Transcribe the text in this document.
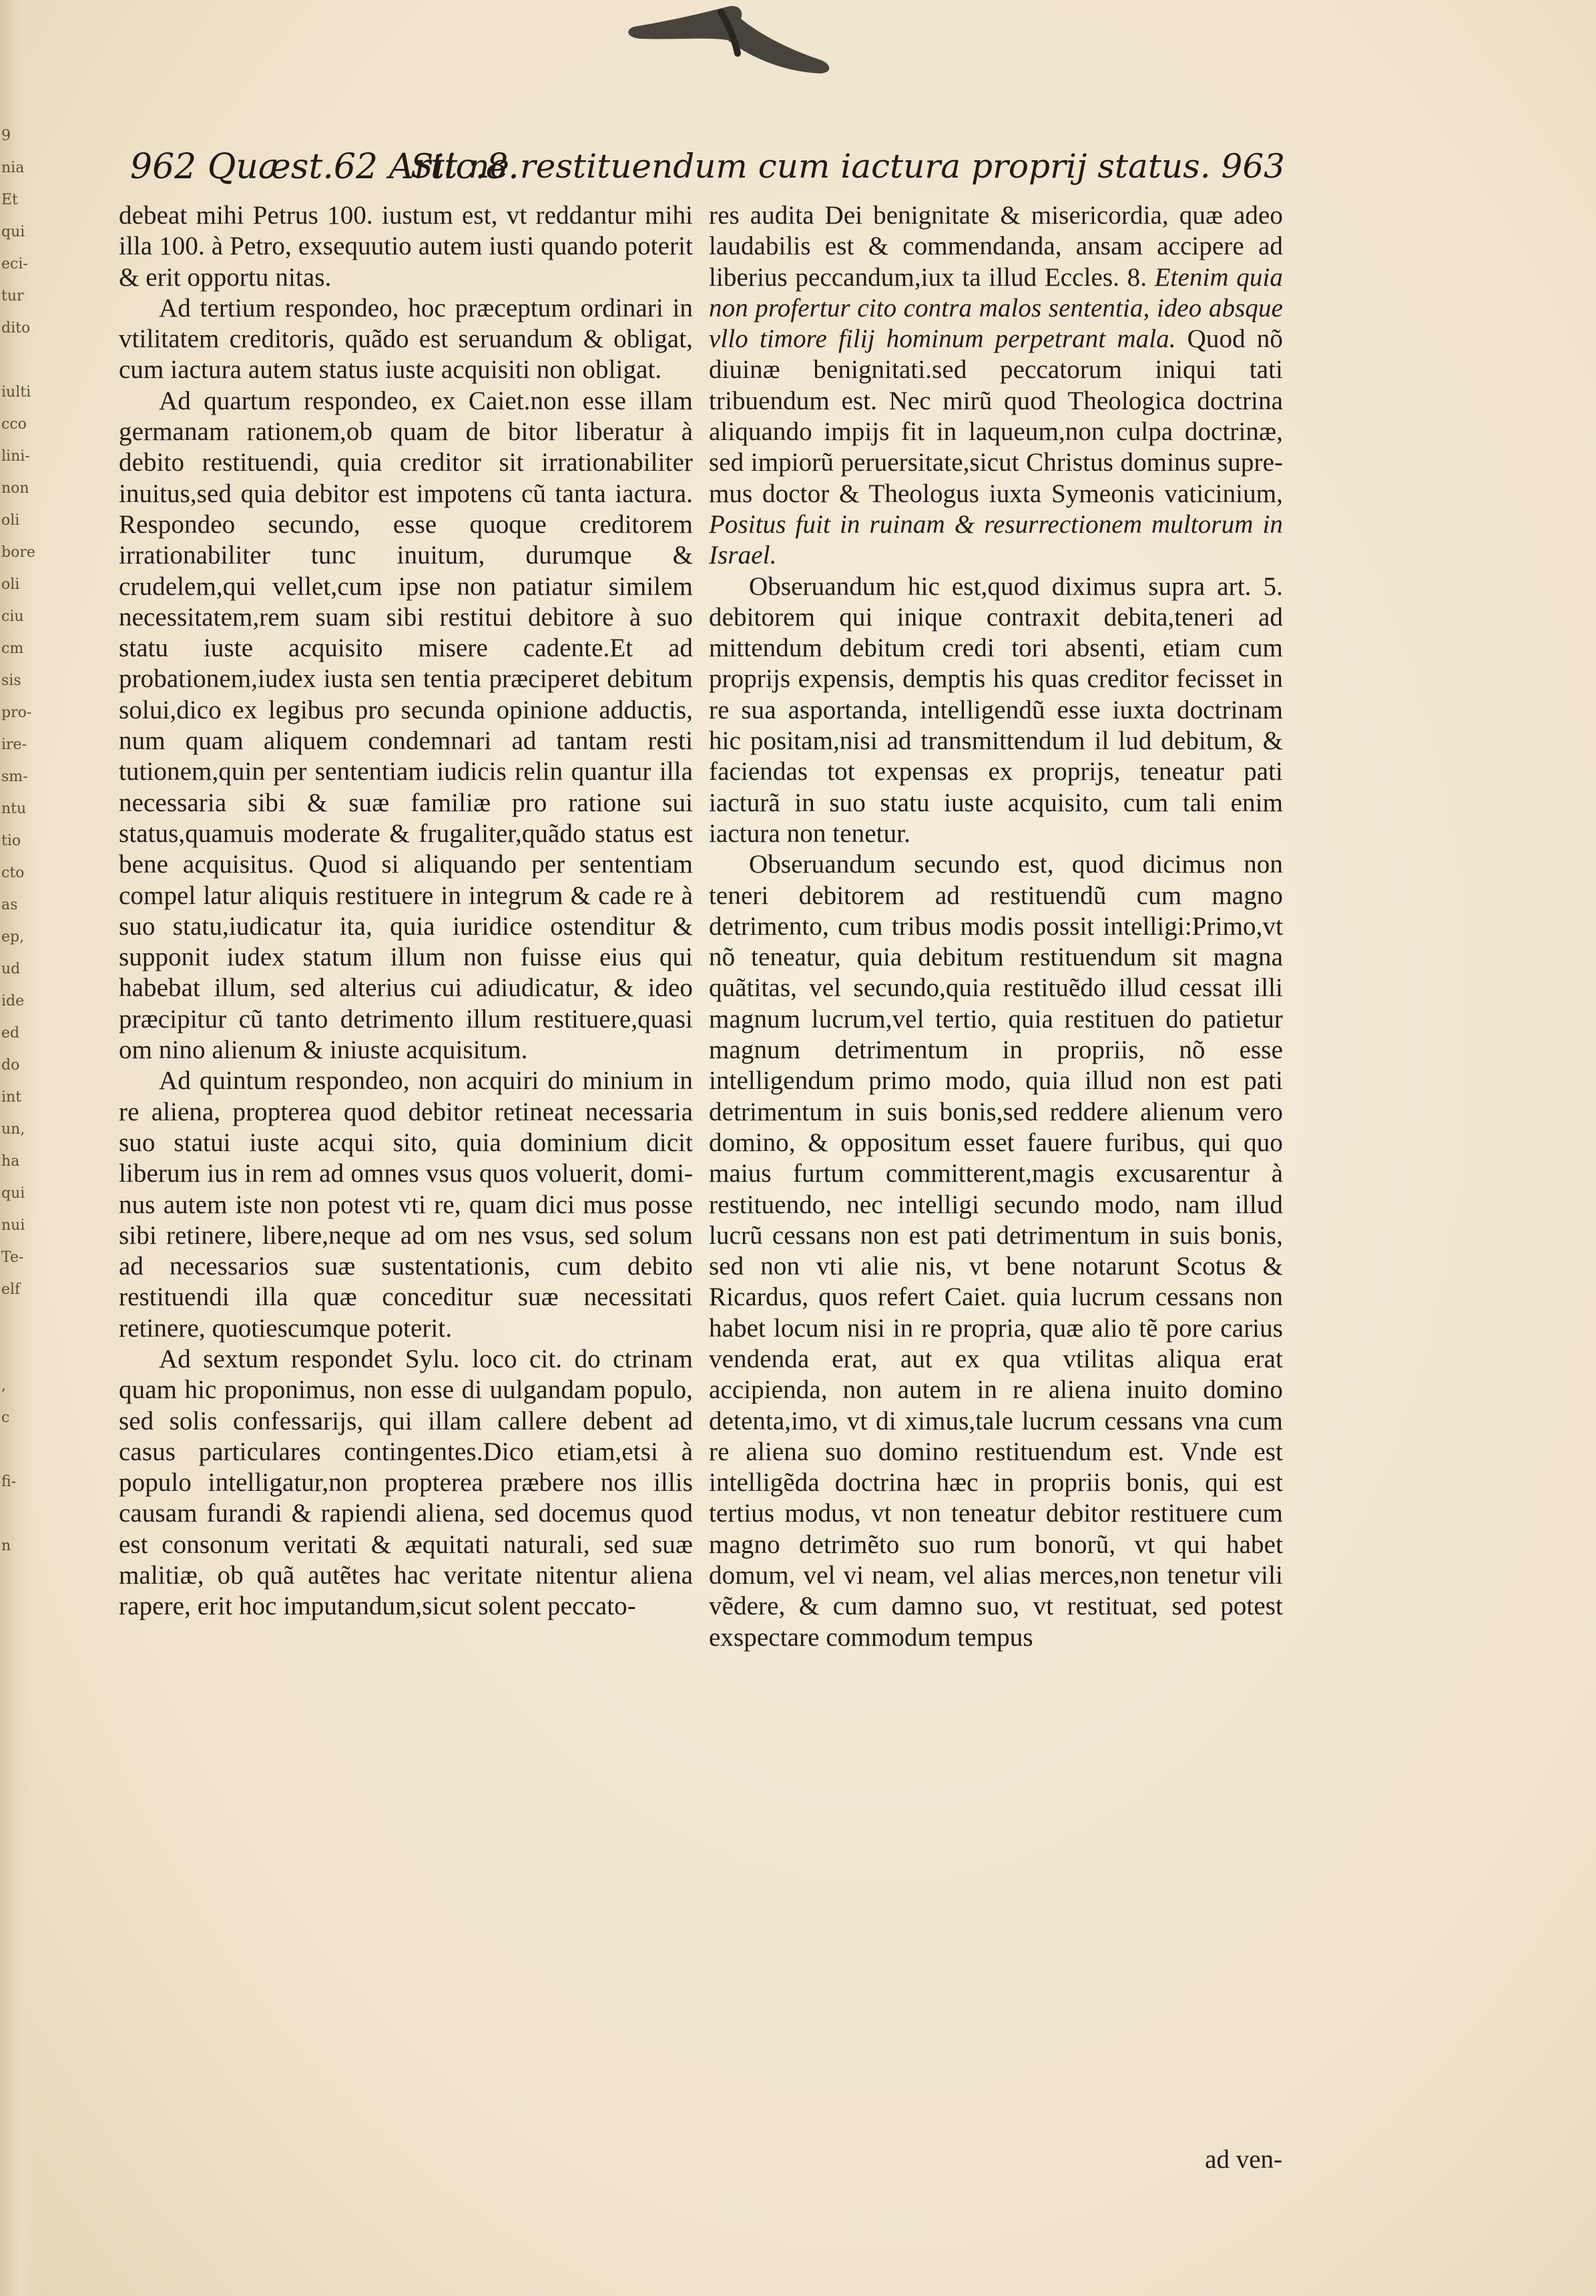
9
nia
Et
qui
eci-
tur
dito
iulti
cco
lini-
non
oli
bore
oli
ciu
cm
sis
pro-
ire-
sm-
ntu
tio
cto
as
ep,
ud
ide
ed
do
int
un,
ha
qui
nui
Te-
elf
,
c
fi-
n
962 Quæst.62 Artic.8.
Sit ne restituendum cum iactura proprij status. 963

debeat mihi Petrus 100. iustum est, vt reddantur mihi illa 100. à Petro, exsequutio autem iusti quando poterit & erit opportu nitas.

Ad tertium respondeo, hoc præceptum ordinari in vtilitatem creditoris, quãdo est seruandum & obligat, cum iactura autem status iuste acquisiti non obligat.

Ad quartum respondeo, ex Caiet.non esse illam germanam rationem,ob quam de bitor liberatur à debito restituendi, quia creditor sit irrationabiliter inuitus,sed quia debitor est impotens cũ tanta iactura. Respondeo secundo, esse quoque creditorem irrationabiliter tunc inuitum, durumque & crudelem,qui vellet,cum ipse non patiatur similem necessitatem,rem suam sibi restitui debitore à suo statu iuste acquisito misere cadente.Et ad probationem,iudex iusta sen tentia præciperet debitum solui,dico ex legibus pro secunda opinione adductis, num quam aliquem condemnari ad tantam resti tutionem,quin per sententiam iudicis relin quantur illa necessaria sibi & suæ familiæ pro ratione sui status,quamuis moderate & frugaliter,quãdo status est bene acquisitus. Quod si aliquando per sententiam compel latur aliquis restituere in integrum & cade re à suo statu,iudicatur ita, quia iuridice ostenditur & supponit iudex statum illum non fuisse eius qui habebat illum, sed alterius cui adiudicatur, & ideo præcipitur cũ tanto detrimento illum restituere,quasi om nino alienum & iniuste acquisitum.

Ad quintum respondeo, non acquiri do minium in re aliena, propterea quod debitor retineat necessaria suo statui iuste acqui sito, quia dominium dicit liberum ius in rem ad omnes vsus quos voluerit, dominus autem iste non potest vti re, quam dici mus posse sibi retinere, libere,neque ad om nes vsus, sed solum ad necessarios suæ sustentationis, cum debito restituendi illa quæ conceditur suæ necessitati retinere, quotiescumque poterit.

Ad sextum respondet Sylu. loco cit. do ctrinam quam hic proponimus, non esse di uulgandam populo, sed solis confessarijs, qui illam callere debent ad casus particulares contingentes.Dico etiam,etsi à populo intelligatur,non propterea præbere nos illis causam furandi & rapiendi aliena, sed docemus quod est consonum veritati & æquitati naturali, sed suæ malitiæ, ob quã autẽtes hac veritate nitentur aliena rapere, erit hoc imputandum,sicut solent peccato-

res audita Dei benignitate & misericordia, quæ adeo laudabilis est & commendanda, ansam accipere ad liberius peccandum,iux ta illud Eccles. 8. Etenim quia non profertur cito contra malos sententia, ideo absque vllo timore filij hominum perpetrant mala. Quod nõ diuinæ benignitati.sed peccatorum iniqui tati tribuendum est. Nec mirũ quod Theologica doctrina aliquando impijs fit in laqueum,non culpa doctrinæ, sed impiorũ peruersitate,sicut Christus dominus supremus doctor & Theologus iuxta Symeonis vaticinium, Positus fuit in ruinam & resurrectionem multorum in Israel.

Obseruandum hic est,quod diximus supra art. 5. debitorem qui inique contraxit debita,teneri ad mittendum debitum credi tori absenti, etiam cum proprijs expensis, demptis his quas creditor fecisset in re sua asportanda, intelligendũ esse iuxta doctrinam hic positam,nisi ad transmittendum il lud debitum, & faciendas tot expensas ex proprijs, teneatur pati iacturã in suo statu iuste acquisito, cum tali enim iactura non tenetur.

Obseruandum secundo est, quod dicimus non teneri debitorem ad restituendũ cum magno detrimento, cum tribus modis possit intelligi:Primo,vt nõ teneatur, quia debitum restituendum sit magna quãtitas, vel secundo,quia restituẽdo illud cessat illi magnum lucrum,vel tertio, quia restituen do patietur magnum detrimentum in propriis, nõ esse intelligendum primo modo, quia illud non est pati detrimentum in suis bonis,sed reddere alienum vero domino, & oppositum esset fauere furibus, qui quo maius furtum committerent,magis excusarentur à restituendo, nec intelligi secundo modo, nam illud lucrũ cessans non est pati detrimentum in suis bonis, sed non vti alie nis, vt bene notarunt Scotus & Ricardus, quos refert Caiet. quia lucrum cessans non habet locum nisi in re propria, quæ alio tẽ pore carius vendenda erat, aut ex qua vtilitas aliqua erat accipienda, non autem in re aliena inuito domino detenta,imo, vt di ximus,tale lucrum cessans vna cum re aliena suo domino restituendum est. Vnde est intelligẽda doctrina hæc in propriis bonis, qui est tertius modus, vt non teneatur debitor restituere cum magno detrimẽto suo rum bonorũ, vt qui habet domum, vel vi neam, vel alias merces,non tenetur vili vẽdere, & cum damno suo, vt restituat, sed potest exspectare commodum tempus

ad ven-
